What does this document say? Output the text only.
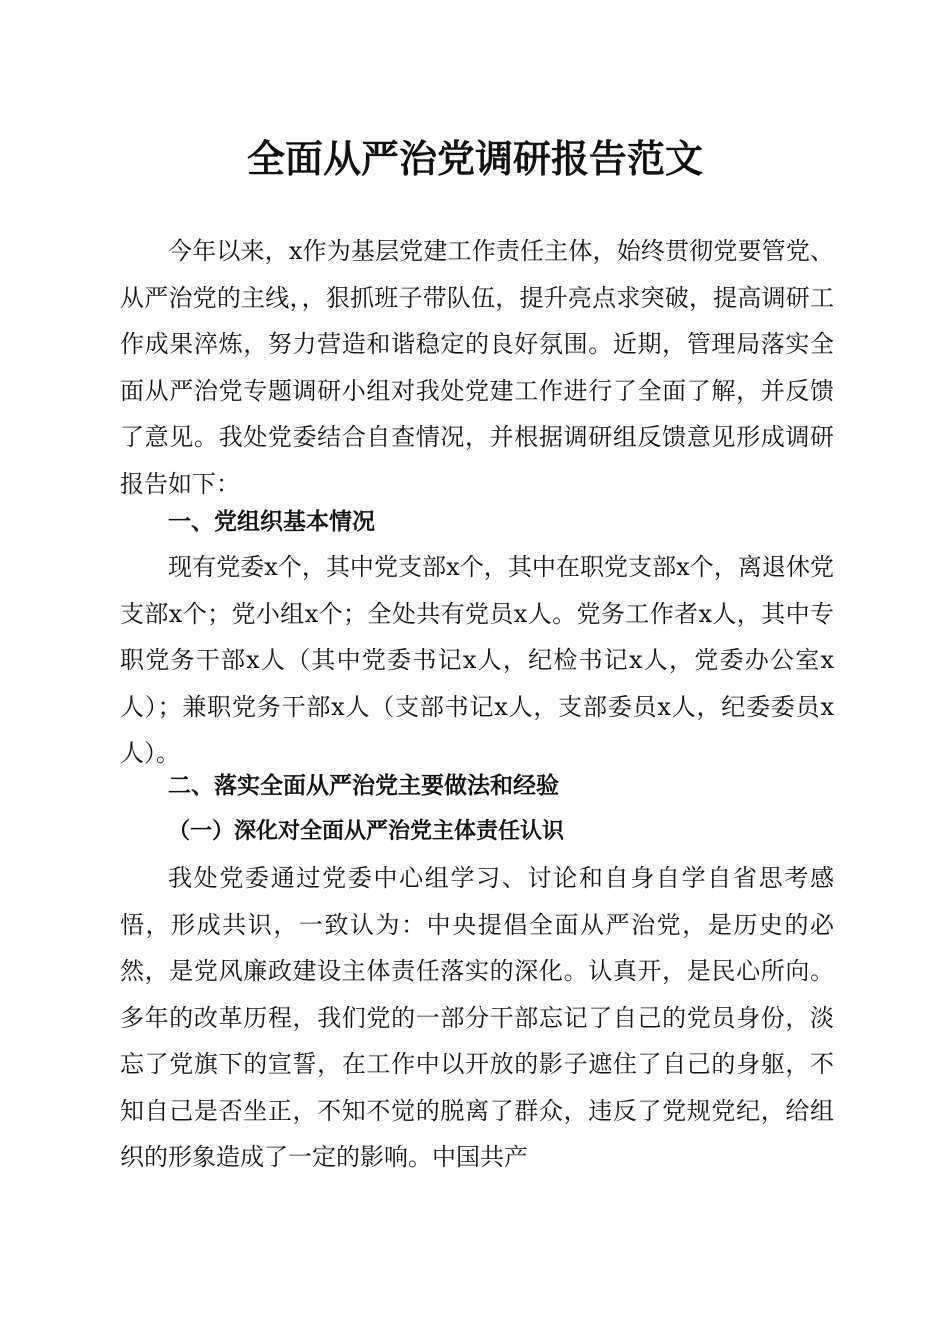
全面从严治党调研报告范文

今年以来，x作为基层党建工作责任主体，始终贯彻党要管党、从严治党的主线，，狠抓班子带队伍，提升亮点求突破，提高调研工作成果淬炼，努力营造和谐稳定的良好氛围。近期，管理局落实全面从严治党专题调研小组对我处党建工作进行了全面了解，并反馈了意见。我处党委结合自查情况，并根据调研组反馈意见形成调研报告如下：

一、党组织基本情况

现有党委x个，其中党支部x个，其中在职党支部x个，离退休党支部x个；党小组x个；全处共有党员x人。党务工作者x人，其中专职党务干部x人（其中党委书记x人，纪检书记x人，党委办公室x人）；兼职党务干部x人（支部书记x人，支部委员x人，纪委委员x人）。

二、落实全面从严治党主要做法和经验
（一）深化对全面从严治党主体责任认识

我处党委通过党委中心组学习、讨论和自身自学自省思考感悟，形成共识，一致认为：中央提倡全面从严治党，是历史的必然，是党风廉政建设主体责任落实的深化。认真开，是民心所向。多年的改革历程，我们党的一部分干部忘记了自己的党员身份，淡忘了党旗下的宣誓，在工作中以开放的影子遮住了自己的身躯，不知自己是否坐正，不知不觉的脱离了群众，违反了党规党纪，给组织的形象造成了一定的影响。中国共产
